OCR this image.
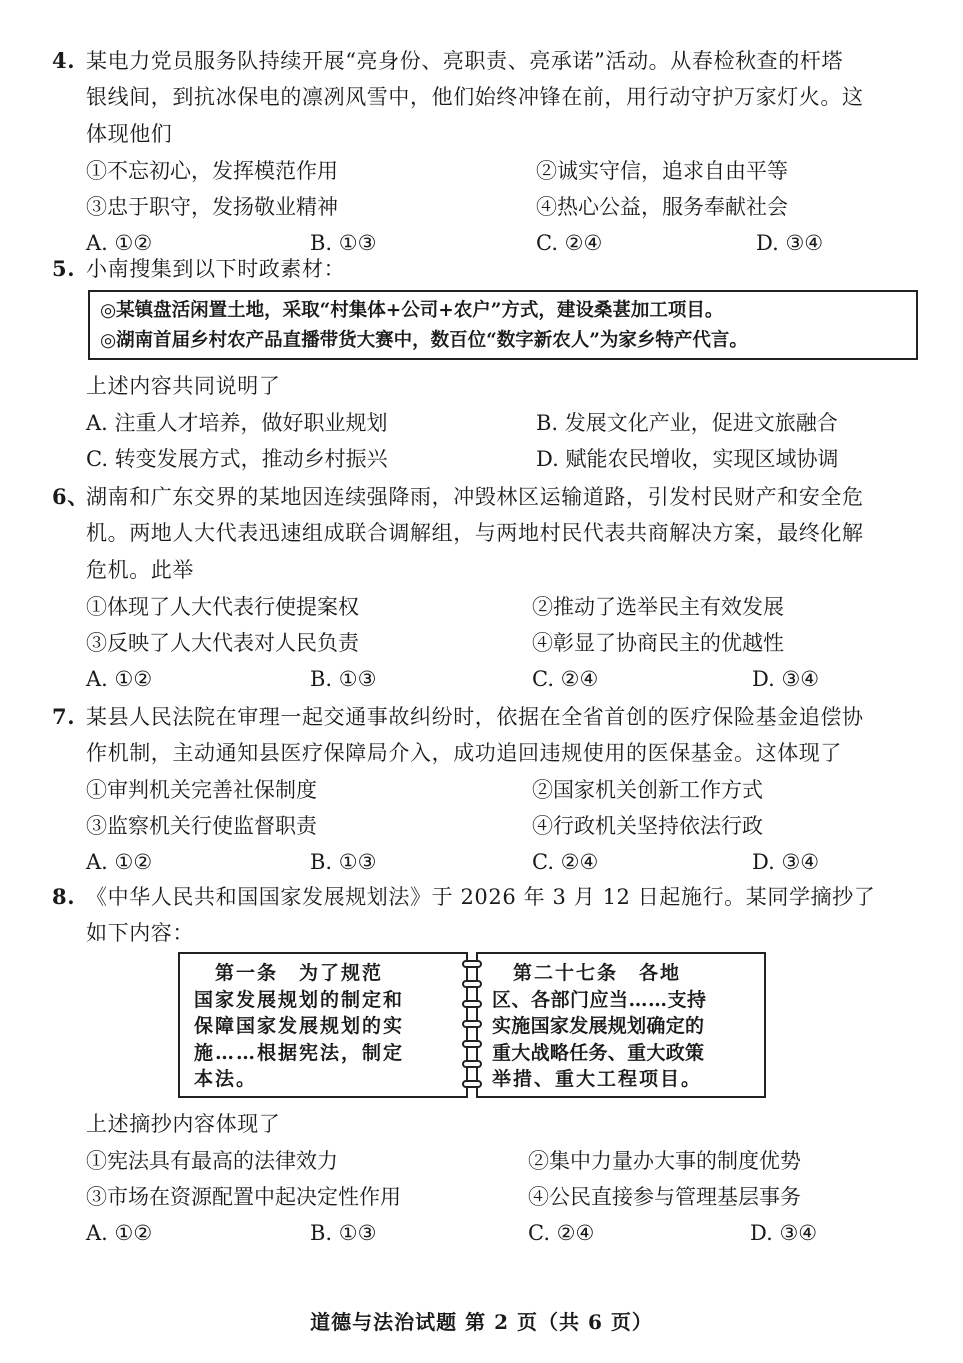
4. 某电力党员服务队持续开展“亮身份、亮职责、亮承诺”活动。从春检秋查的杆塔
银线间，到抗冰保电的凛冽风雪中，他们始终冲锋在前，用行动守护万家灯火。这
体现他们
①不忘初心，发挥模范作用	②诚实守信，追求自由平等
③忠于职守，发扬敬业精神	④热心公益，服务奉献社会
A. ①②	B. ①③	C. ②④	D. ③④
5. 小南搜集到以下时政素材：
◎某镇盘活闲置土地，采取“村集体+公司+农户”方式，建设桑葚加工项目。
◎湖南首届乡村农产品直播带货大赛中，数百位“数字新农人”为家乡特产代言。
上述内容共同说明了
A. 注重人才培养，做好职业规划	B. 发展文化产业，促进文旅融合
C. 转变发展方式，推动乡村振兴	D. 赋能农民增收，实现区域协调
6、湖南和广东交界的某地因连续强降雨，冲毁林区运输道路，引发村民财产和安全危
机。两地人大代表迅速组成联合调解组，与两地村民代表共商解决方案，最终化解
危机。此举
①体现了人大代表行使提案权	②推动了选举民主有效发展
③反映了人大代表对人民负责	④彰显了协商民主的优越性
A. ①②	B. ①③	C. ②④	D. ③④
7. 某县人民法院在审理一起交通事故纠纷时，依据在全省首创的医疗保险基金追偿协
作机制，主动通知县医疗保障局介入，成功追回违规使用的医保基金。这体现了
①审判机关完善社保制度	②国家机关创新工作方式
③监察机关行使监督职责	④行政机关坚持依法行政
A. ①②	B. ①③	C. ②④	D. ③④
8. 《中华人民共和国国家发展规划法》于 2026 年 3 月 12 日起施行。某同学摘抄了
如下内容：
　第一条　为了规范
国家发展规划的制定和
保障国家发展规划的实
施……根据宪法，制定
本法。
　第二十七条　各地
区、各部门应当……支持
实施国家发展规划确定的
重大战略任务、重大政策
举措、重大工程项目。
上述摘抄内容体现了
①宪法具有最高的法律效力	②集中力量办大事的制度优势
③市场在资源配置中起决定性作用	④公民直接参与管理基层事务
A. ①②	B. ①③	C. ②④	D. ③④
道德与法治试题 第 2 页（共 6 页）
